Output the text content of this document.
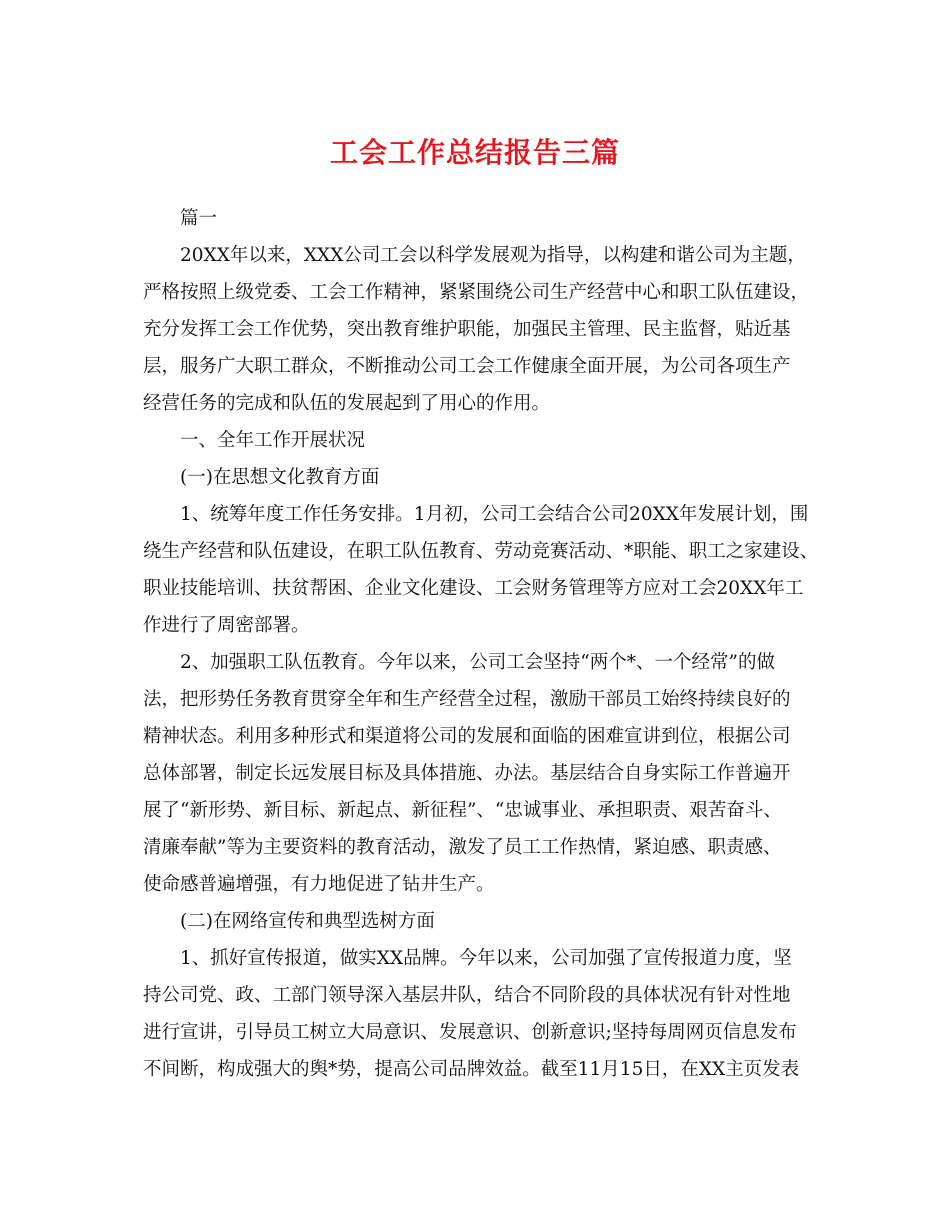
工会工作总结报告三篇
篇一
20XX年以来，XXX公司工会以科学发展观为指导，以构建和谐公司为主题，
严格按照上级党委、工会工作精神，紧紧围绕公司生产经营中心和职工队伍建设，
充分发挥工会工作优势，突出教育维护职能，加强民主管理、民主监督，贴近基
层，服务广大职工群众，不断推动公司工会工作健康全面开展，为公司各项生产
经营任务的完成和队伍的发展起到了用心的作用。
一、全年工作开展状况
(一)在思想文化教育方面
1、统筹年度工作任务安排。1月初，公司工会结合公司20XX年发展计划，围
绕生产经营和队伍建设，在职工队伍教育、劳动竞赛活动、*职能、职工之家建设、
职业技能培训、扶贫帮困、企业文化建设、工会财务管理等方应对工会20XX年工
作进行了周密部署。
2、加强职工队伍教育。今年以来，公司工会坚持“两个*、一个经常”的做
法，把形势任务教育贯穿全年和生产经营全过程，激励干部员工始终持续良好的
精神状态。利用多种形式和渠道将公司的发展和面临的困难宣讲到位，根据公司
总体部署，制定长远发展目标及具体措施、办法。基层结合自身实际工作普遍开
展了“新形势、新目标、新起点、新征程”、“忠诚事业、承担职责、艰苦奋斗、
清廉奉献”等为主要资料的教育活动，激发了员工工作热情，紧迫感、职责感、
使命感普遍增强，有力地促进了钻井生产。
(二)在网络宣传和典型选树方面
1、抓好宣传报道，做实XX品牌。今年以来，公司加强了宣传报道力度，坚
持公司党、政、工部门领导深入基层井队，结合不同阶段的具体状况有针对性地
进行宣讲，引导员工树立大局意识、发展意识、创新意识;坚持每周网页信息发布
不间断，构成强大的舆*势，提高公司品牌效益。截至11月15日，在XX主页发表
